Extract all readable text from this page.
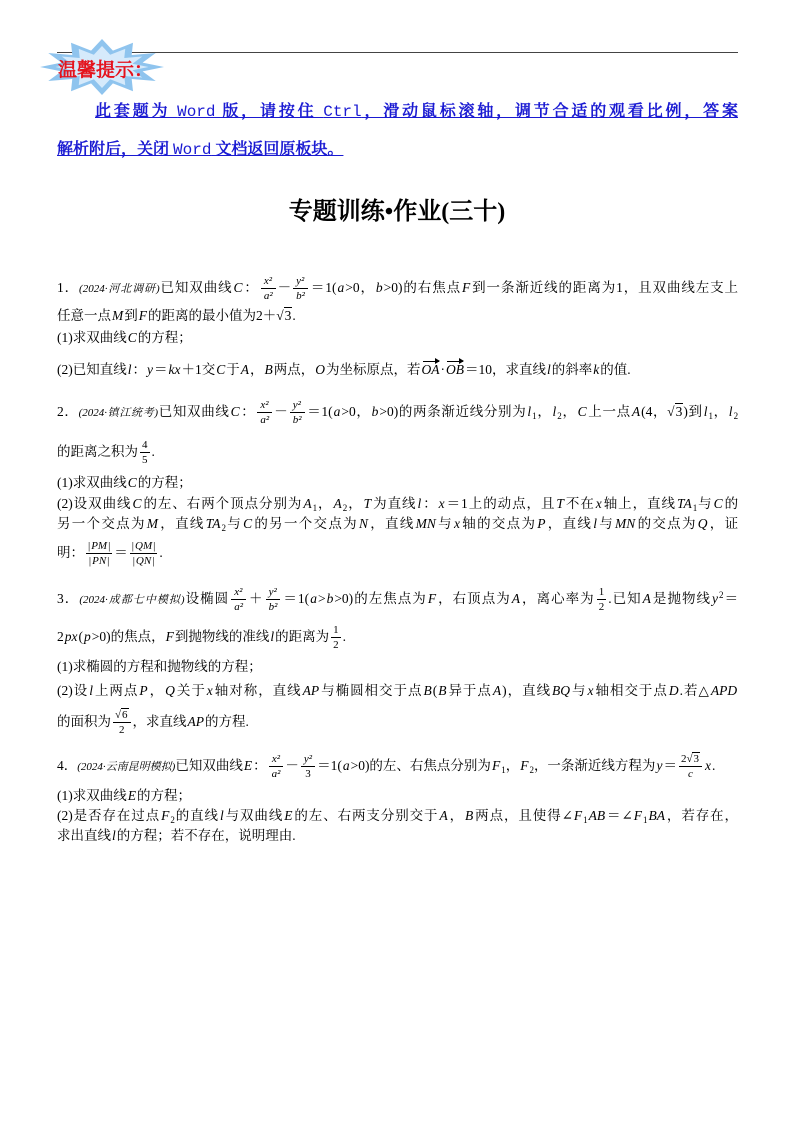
温馨提示：
此套题为 Word 版，请按住 Ctrl，滑动鼠标滚轴，调节合适的观看比例，答案
解析附后，关闭 Word 文档返回原板块。
专题训练•作业(三十)
1．(2024·河北调研)已知双曲线C： $\frac{\text{x²}}{\text{a²}} - \frac{\text{y²}}{\text{b²}} =1(a>0$，b>0)的右焦点F到一条渐近线的距离为1，且双曲线左支上
任意一点M到F的距离的最小值为2＋ √ 3.
(1)求双曲线C的方程；
(2)已知直线l：y＝kx＋1交C于A，B两点，O为坐标原点，若OA·OB＝10，求直线l的斜率k的值.
2．(2024·镇江统考)已知双曲线C： $\frac{\text{x²}}{\text{a²}} - \frac{\text{y²}}{\text{b²}} =1(a>0$，b>0)的两条渐近线分别为$l_1$，$l_2$，C上一点A(4， √ 3)到$l_1$，$l_2$
的距离之积为 $\frac{4}{5}$ .
(1)求双曲线C的方程；
(2)设双曲线C的左、右两个顶点分别为$A_1$，$A_2$，T为直线l：x＝1上的动点，且T不在x轴上，直线$TA_1$与C的
另一个交点为M，直线$TA_2$与C的另一个交点为N，直线MN与x轴的交点为P，直线l与MN的交点为Q，证
明： $\frac{|PM|}{|PN|} = \frac{|QM|}{|QN|}$ .
3．(2024·成都七中模拟)设椭圆 $\frac{\text{x²}}{\text{a²}} + \frac{\text{y²}}{\text{b²}} =1(a>b>0)$的左焦点为F，右顶点为A，离心率为 $\frac{1}{2}$ .已知A是抛物线$y^2=$
2px(p>0)的焦点，F到抛物线的准线l的距离为 $\frac{1}{2}$ .
(1)求椭圆的方程和抛物线的方程；
(2)设l上两点P，Q关于x轴对称，直线AP与椭圆相交于点B(B异于点A)，直线BQ与x轴相交于点D.若△APD
的面积为 √ $\frac{6}{2}$ ，求直线AP的方程.
4．(2024·云南昆明模拟)已知双曲线E： $\frac{\text{x²}}{\text{a²}} - \frac{\text{y²}}{3} =1(a>0)$的左、右焦点分别为$F_1$，$F_2$，一条渐近线方程为$y= \frac{2 √ 3}{c} x$.
(1)求双曲线E的方程；
(2)是否存在过点$F_2$的直线l与双曲线E的左、右两支分别交于A，B两点，且使得$\angle F_1AB=\angle F_1BA$，若存在，
求出直线l的方程；若不存在，说明理由.
